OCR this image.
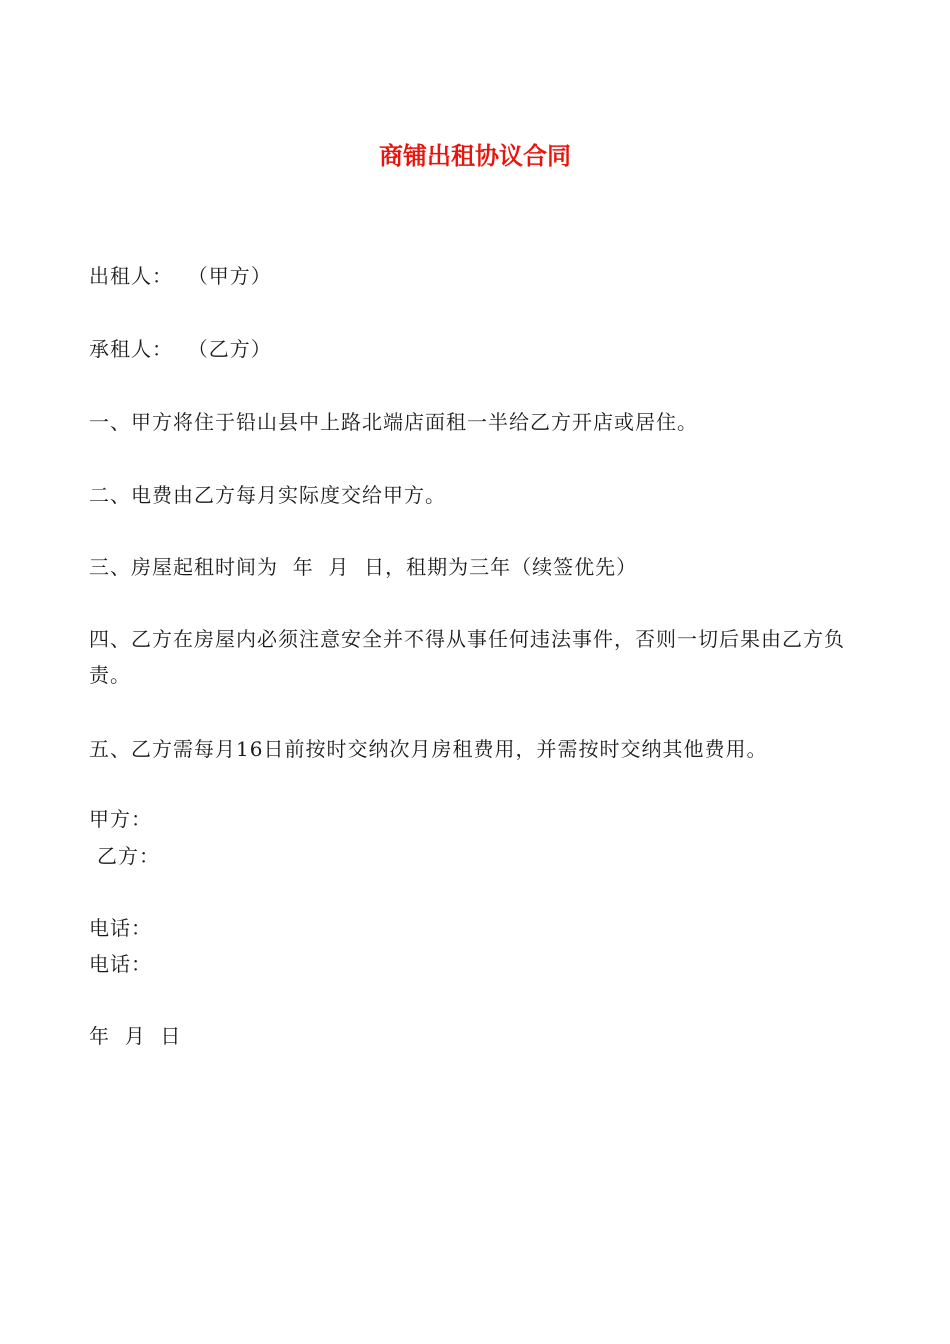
商铺出租协议合同
出租人：  （甲方）
承租人：  （乙方）
一、甲方将住于铅山县中上路北端店面租一半给乙方开店或居住。
二、电费由乙方每月实际度交给甲方。
三、房屋起租时间为  年  月  日，租期为三年（续签优先）
四、乙方在房屋内必须注意安全并不得从事任何违法事件，否则一切后果由乙方负责。
五、乙方需每月16日前按时交纳次月房租费用，并需按时交纳其他费用。
甲方：
乙方：
电话：
电话：
年  月  日
